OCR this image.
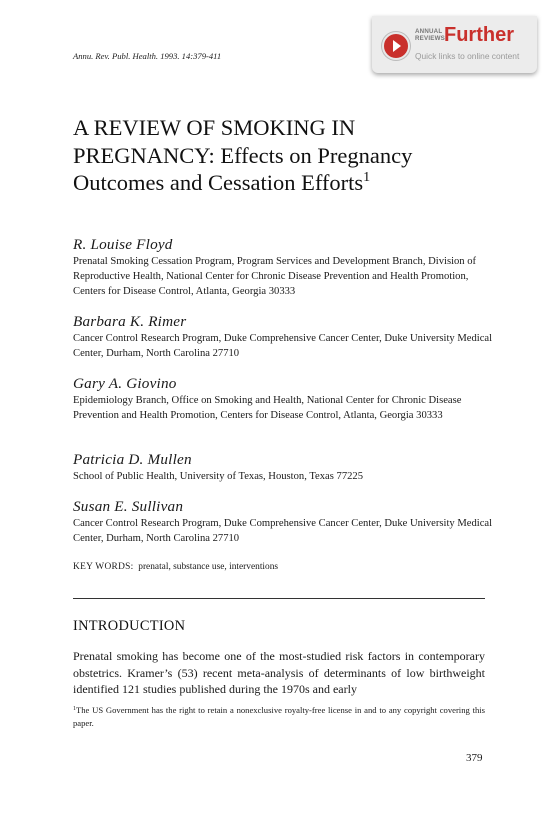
Annu. Rev. Publ. Health. 1993. 14:379-411
ANNUAL REVIEWS Further
Quick links to online content
A REVIEW OF SMOKING IN PREGNANCY: Effects on Pregnancy Outcomes and Cessation Efforts$^1$

R. Louise Floyd

Prenatal Smoking Cessation Program, Program Services and Development Branch, Division of Reproductive Health, National Center for Chronic Disease Prevention and Health Promotion, Centers for Disease Control, Atlanta, Georgia 30333

Barbara K. Rimer

Cancer Control Research Program, Duke Comprehensive Cancer Center, Duke University Medical Center, Durham, North Carolina 27710

Gary A. Giovino

Epidemiology Branch, Office on Smoking and Health, National Center for Chronic Disease Prevention and Health Promotion, Centers for Disease Control, Atlanta, Georgia 30333

Patricia D. Mullen

School of Public Health, University of Texas, Houston, Texas 77225

Susan E. Sullivan

Cancer Control Research Program, Duke Comprehensive Cancer Center, Duke University Medical Center, Durham, North Carolina 27710

KEY WORDS: prenatal, substance use, interventions
INTRODUCTION

Prenatal smoking has become one of the most-studied risk factors in contemporary obstetrics. Kramer’s (53) recent meta-analysis of determinants of low birthweight identified 121 studies published during the 1970s and early

$^1$The US Government has the right to retain a nonexclusive royalty-free license in and to any copyright covering this paper.

379
